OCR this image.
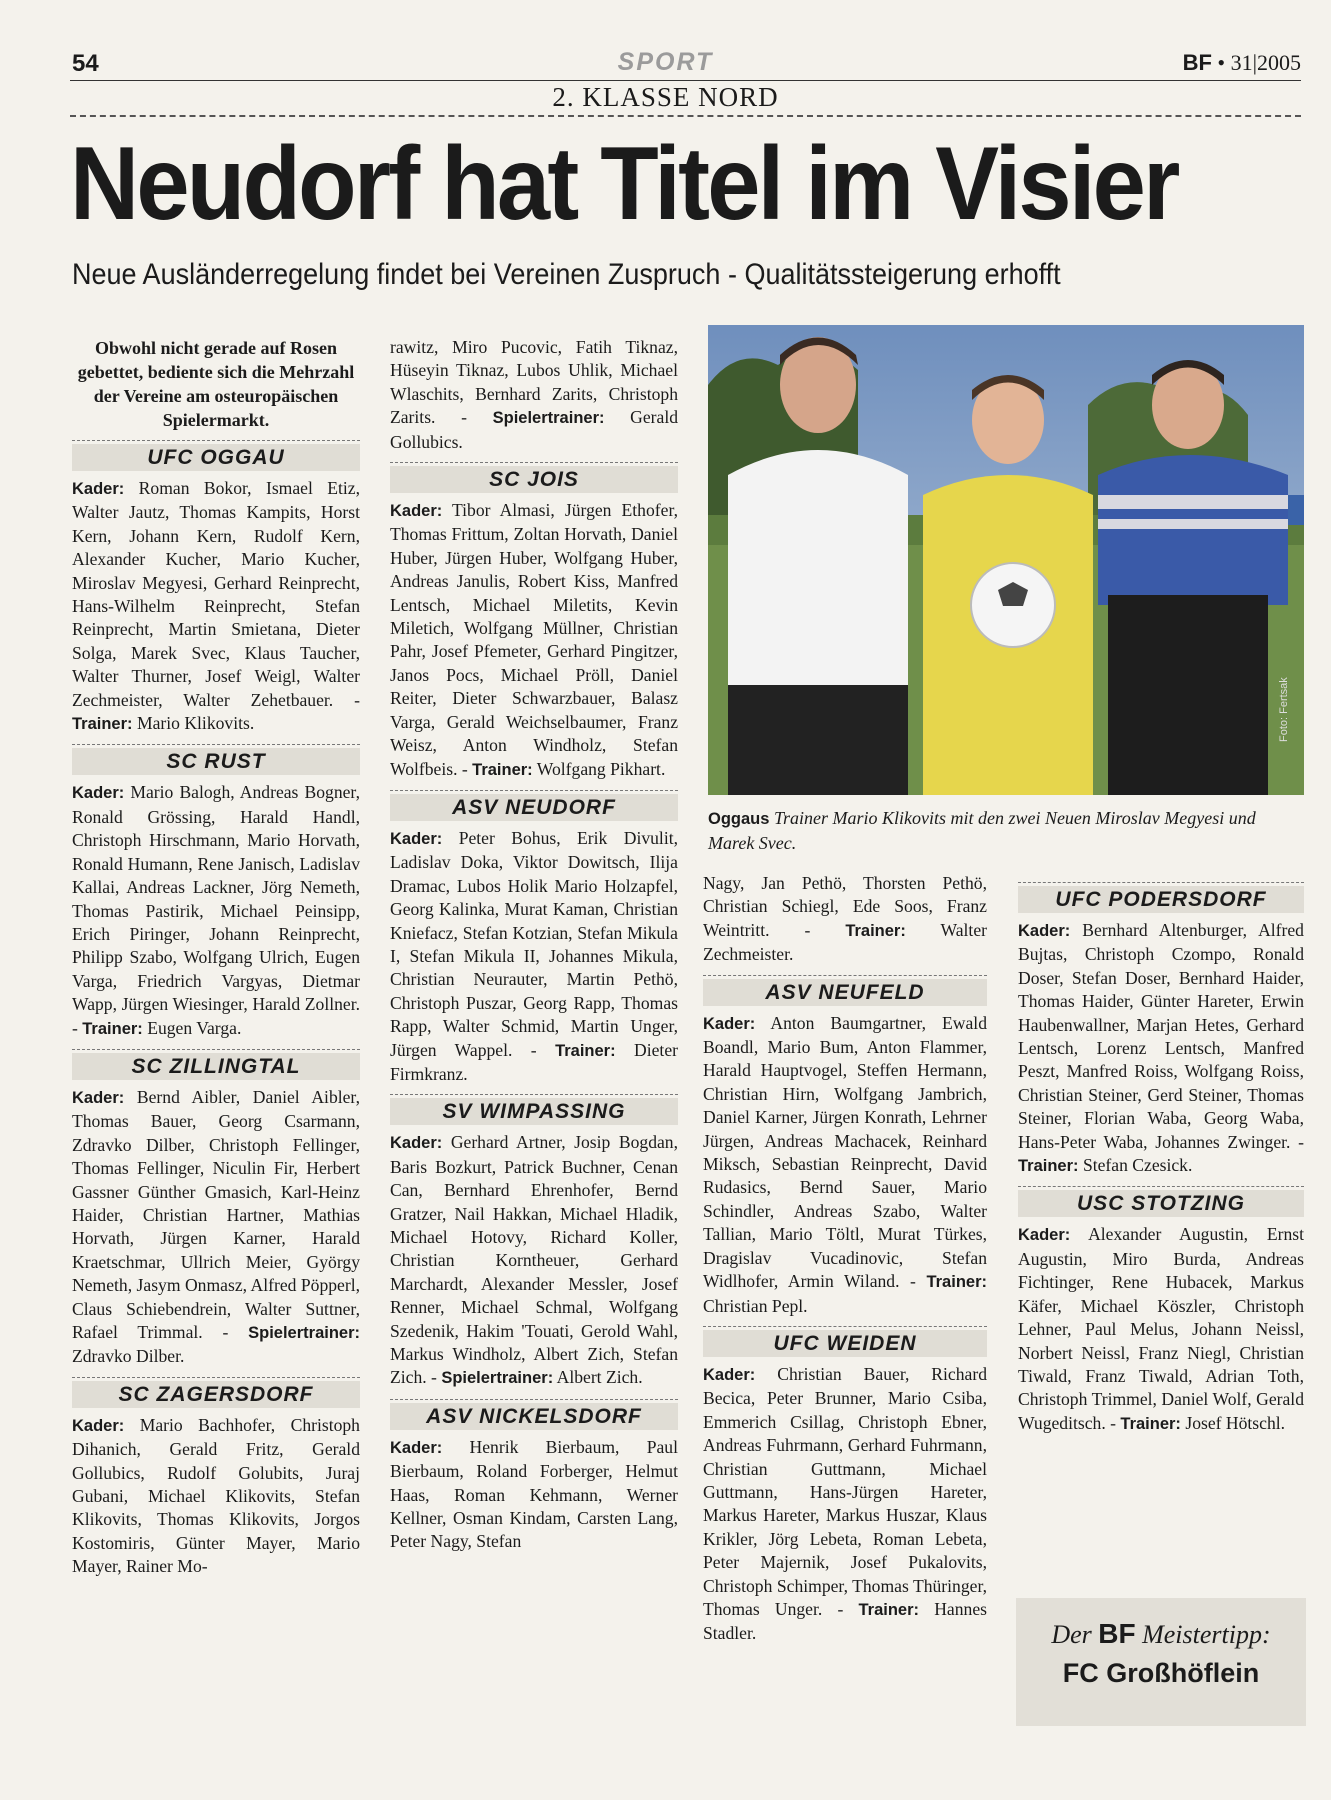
54	SPORT	BF • 31|2005
2. KLASSE NORD
Neudorf hat Titel im Visier
Neue Ausländerregelung findet bei Vereinen Zuspruch - Qualitätssteigerung erhofft

Obwohl nicht gerade auf Rosen gebettet, bediente sich die Mehrzahl der Vereine am osteuropäischen Spielermarkt.

UFC OGGAU

Kader: Roman Bokor, Ismael Etiz, Walter Jautz, Thomas Kampits, Horst Kern, Johann Kern, Rudolf Kern, Alexander Kucher, Mario Kucher, Miroslav Megyesi, Gerhard Reinprecht, Hans-Wilhelm Reinprecht, Stefan Reinprecht, Martin Smietana, Dieter Solga, Marek Svec, Klaus Taucher, Walter Thurner, Josef Weigl, Walter Zechmeister, Walter Zehetbauer. - Trainer: Mario Klikovits.

SC RUST

Kader: Mario Balogh, Andreas Bogner, Ronald Grössing, Harald Handl, Christoph Hirschmann, Mario Horvath, Ronald Humann, Rene Janisch, Ladislav Kallai, Andreas Lackner, Jörg Nemeth, Thomas Pastirik, Michael Peinsipp, Erich Piringer, Johann Reinprecht, Philipp Szabo, Wolfgang Ulrich, Eugen Varga, Friedrich Vargyas, Dietmar Wapp, Jürgen Wiesinger, Harald Zollner. - Trainer: Eugen Varga.

SC ZILLINGTAL

Kader: Bernd Aibler, Daniel Aibler, Thomas Bauer, Georg Csarmann, Zdravko Dilber, Christoph Fellinger, Thomas Fellinger, Niculin Fir, Herbert Gassner Günther Gmasich, Karl-Heinz Haider, Christian Hartner, Mathias Horvath, Jürgen Karner, Harald Kraetschmar, Ullrich Meier, György Nemeth, Jasym Onmasz, Alfred Pöpperl, Claus Schiebendrein, Walter Suttner, Rafael Trimmal. - Spielertrainer: Zdravko Dilber.

SC ZAGERSDORF

Kader: Mario Bachhofer, Christoph Dihanich, Gerald Fritz, Gerald Gollubics, Rudolf Golubits, Juraj Gubani, Michael Klikovits, Stefan Klikovits, Thomas Klikovits, Jorgos Kostomiris, Günter Mayer, Mario Mayer, Rainer Mo-

rawitz, Miro Pucovic, Fatih Tiknaz, Hüseyin Tiknaz, Lubos Uhlik, Michael Wlaschits, Bernhard Zarits, Christoph Zarits. - Spielertrainer: Gerald Gollubics.

SC JOIS

Kader: Tibor Almasi, Jürgen Ethofer, Thomas Frittum, Zoltan Horvath, Daniel Huber, Jürgen Huber, Wolfgang Huber, Andreas Janulis, Robert Kiss, Manfred Lentsch, Michael Miletits, Kevin Miletich, Wolfgang Müllner, Christian Pahr, Josef Pfemeter, Gerhard Pingitzer, Janos Pocs, Michael Pröll, Daniel Reiter, Dieter Schwarzbauer, Balasz Varga, Gerald Weichselbaumer, Franz Weisz, Anton Windholz, Stefan Wolfbeis. - Trainer: Wolfgang Pikhart.

ASV NEUDORF

Kader: Peter Bohus, Erik Divulit, Ladislav Doka, Viktor Dowitsch, Ilija Dramac, Lubos Holik Mario Holzapfel, Georg Kalinka, Murat Kaman, Christian Kniefacz, Stefan Kotzian, Stefan Mikula I, Stefan Mikula II, Johannes Mikula, Christian Neurauter, Martin Pethö, Christoph Puszar, Georg Rapp, Thomas Rapp, Walter Schmid, Martin Unger, Jürgen Wappel. - Trainer: Dieter Firmkranz.

SV WIMPASSING

Kader: Gerhard Artner, Josip Bogdan, Baris Bozkurt, Patrick Buchner, Cenan Can, Bernhard Ehrenhofer, Bernd Gratzer, Nail Hakkan, Michael Hladik, Michael Hotovy, Richard Koller, Christian Korntheuer, Gerhard Marchardt, Alexander Messler, Josef Renner, Michael Schmal, Wolfgang Szedenik, Hakim 'Touati, Gerold Wahl, Markus Windholz, Albert Zich, Stefan Zich. - Spielertrainer: Albert Zich.

ASV NICKELSDORF

Kader: Henrik Bierbaum, Paul Bierbaum, Roland Forberger, Helmut Haas, Roman Kehmann, Werner Kellner, Osman Kindam, Carsten Lang, Peter Nagy, Stefan

Foto: Fertsak
Oggaus Trainer Mario Klikovits mit den zwei Neuen Miroslav Megyesi und Marek Svec.

Nagy, Jan Pethö, Thorsten Pethö, Christian Schiegl, Ede Soos, Franz Weintritt. - Trainer: Walter Zechmeister.

ASV NEUFELD

Kader: Anton Baumgartner, Ewald Boandl, Mario Bum, Anton Flammer, Harald Hauptvogel, Steffen Hermann, Christian Hirn, Wolfgang Jambrich, Daniel Karner, Jürgen Konrath, Lehrner Jürgen, Andreas Machacek, Reinhard Miksch, Sebastian Reinprecht, David Rudasics, Bernd Sauer, Mario Schindler, Andreas Szabo, Walter Tallian, Mario Töltl, Murat Türkes, Dragislav Vucadinovic, Stefan Widlhofer, Armin Wiland. - Trainer: Christian Pepl.

UFC WEIDEN

Kader: Christian Bauer, Richard Becica, Peter Brunner, Mario Csiba, Emmerich Csillag, Christoph Ebner, Andreas Fuhrmann, Gerhard Fuhrmann, Christian Guttmann, Michael Guttmann, Hans-Jürgen Hareter, Markus Hareter, Markus Huszar, Klaus Krikler, Jörg Lebeta, Roman Lebeta, Peter Majernik, Josef Pukalovits, Christoph Schimper, Thomas Thüringer, Thomas Unger. - Trainer: Hannes Stadler.

UFC PODERSDORF

Kader: Bernhard Altenburger, Alfred Bujtas, Christoph Czompo, Ronald Doser, Stefan Doser, Bernhard Haider, Thomas Haider, Günter Hareter, Erwin Haubenwallner, Marjan Hetes, Gerhard Lentsch, Lorenz Lentsch, Manfred Peszt, Manfred Roiss, Wolfgang Roiss, Christian Steiner, Gerd Steiner, Thomas Steiner, Florian Waba, Georg Waba, Hans-Peter Waba, Johannes Zwinger. - Trainer: Stefan Czesick.

USC STOTZING

Kader: Alexander Augustin, Ernst Augustin, Miro Burda, Andreas Fichtinger, Rene Hubacek, Markus Käfer, Michael Köszler, Christoph Lehner, Paul Melus, Johann Neissl, Norbert Neissl, Franz Niegl, Christian Tiwald, Franz Tiwald, Adrian Toth, Christoph Trimmel, Daniel Wolf, Gerald Wugeditsch. - Trainer: Josef Hötschl.

Der BF Meistertipp:
FC Großhöflein
